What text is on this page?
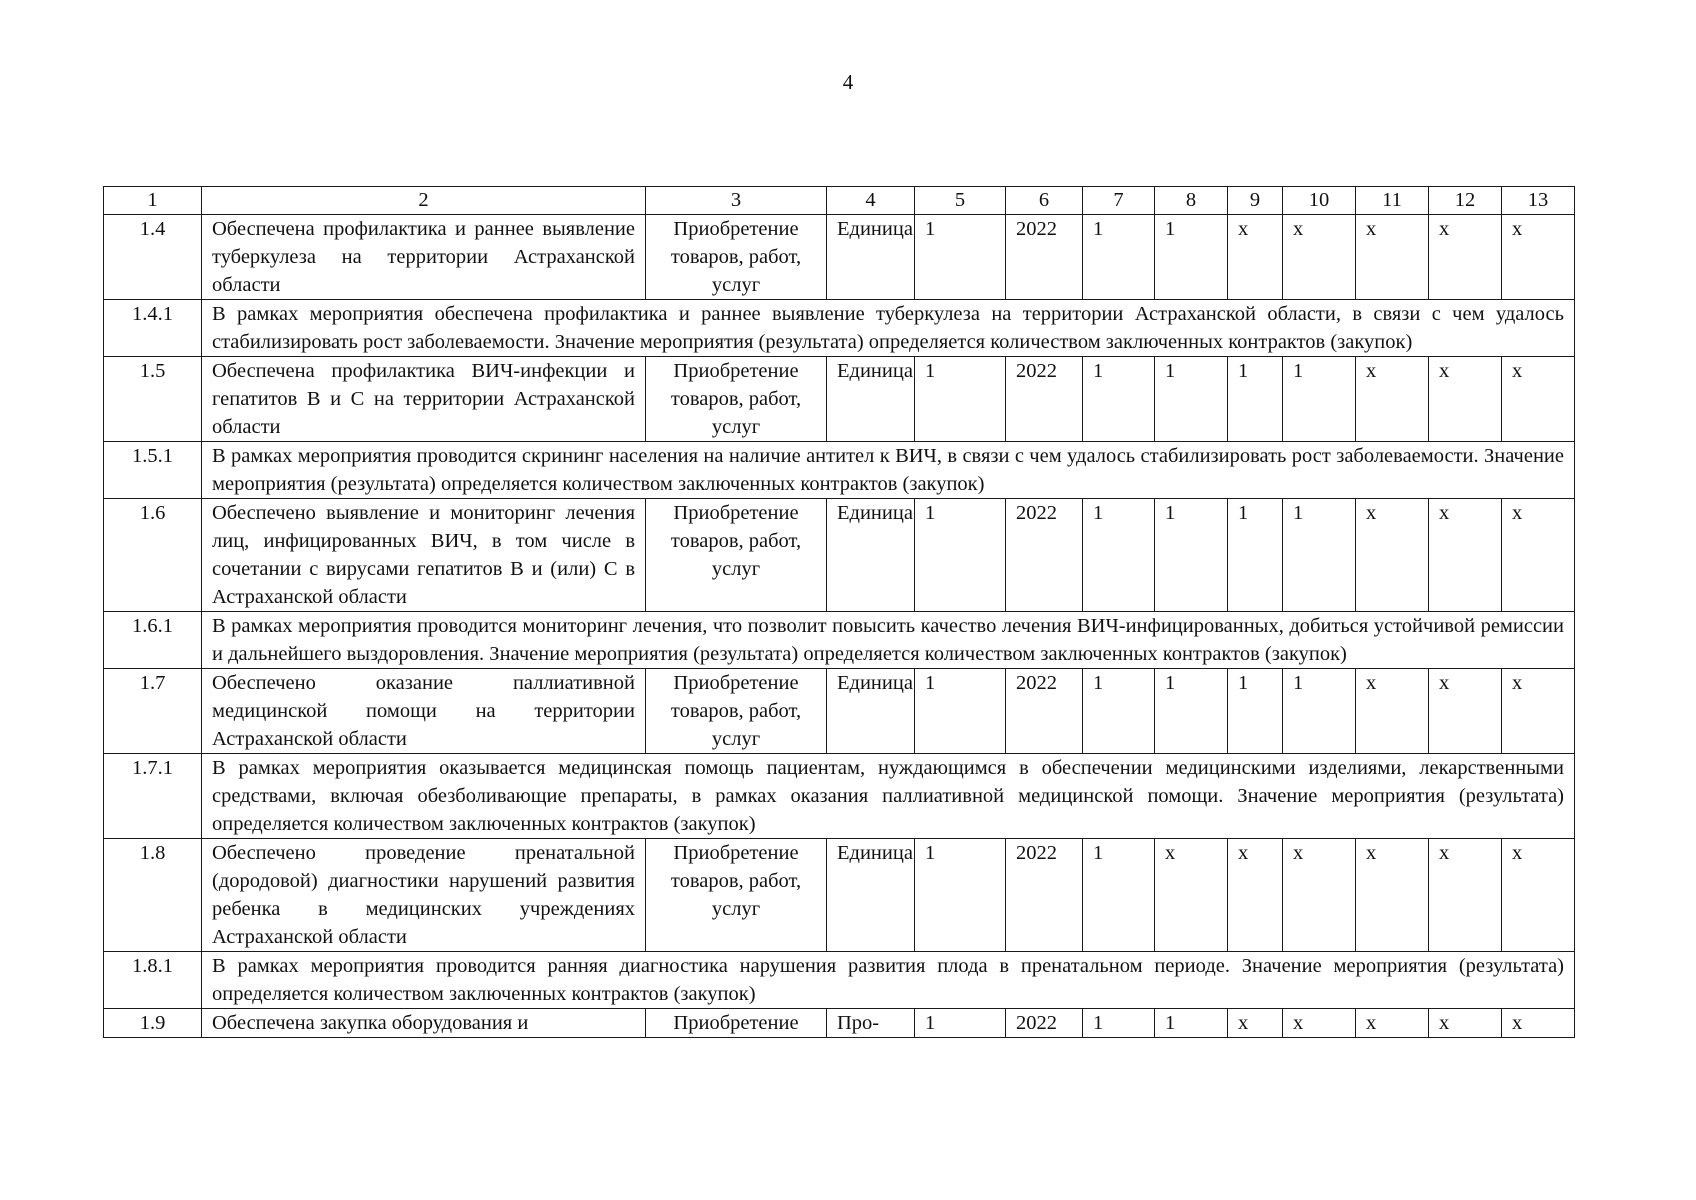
4
1	2	3	4	5	6	7	8	9	10	11	12	13
1.4	Обеспечена профилактика и раннее выявление туберкулеза на территории Астраханской области	Приобретение товаров, работ, услуг	Единица	1	2022	1	1	x	x	x	x	x
1.4.1	В рамках мероприятия обеспечена профилактика и раннее выявление туберкулеза на территории Астраханской области, в связи с чем удалось стабилизировать рост заболеваемости. Значение мероприятия (результата) определяется количеством заключенных контрактов (закупок)											
1.5	Обеспечена профилактика ВИЧ-инфекции и гепатитов В и С на территории Астраханской области	Приобретение товаров, работ, услуг	Единица	1	2022	1	1	1	1	x	x	x
1.5.1	В рамках мероприятия проводится скрининг населения на наличие антител к ВИЧ, в связи с чем удалось стабилизировать рост заболеваемости. Значение мероприятия (результата) определяется количеством заключенных контрактов (закупок)											
1.6	Обеспечено выявление и мониторинг лечения лиц, инфицированных ВИЧ, в том числе в сочетании с вирусами гепатитов В и (или) С в Астраханской области	Приобретение товаров, работ, услуг	Единица	1	2022	1	1	1	1	x	x	x
1.6.1	В рамках мероприятия проводится мониторинг лечения, что позволит повысить качество лечения ВИЧ-инфицированных, добиться устойчивой ремиссии и дальнейшего выздоровления. Значение мероприятия (результата) определяется количеством заключенных контрактов (закупок)											
1.7	Обеспечено оказание паллиативной медицинской помощи на территории Астраханской области	Приобретение товаров, работ, услуг	Единица	1	2022	1	1	1	1	x	x	x
1.7.1	В рамках мероприятия оказывается медицинская помощь пациентам, нуждающимся в обеспечении медицинскими изделиями, лекарственными средствами, включая обезболивающие препараты, в рамках оказания паллиативной медицинской помощи. Значение мероприятия (результата) определяется количеством заключенных контрактов (закупок)											
1.8	Обеспечено проведение пренатальной (дородовой) диагностики нарушений развития ребенка в медицинских учреждениях Астраханской области	Приобретение товаров, работ, услуг	Единица	1	2022	1	x	x	x	x	x	x
1.8.1	В рамках мероприятия проводится ранняя диагностика нарушения развития плода в пренатальном периоде. Значение мероприятия (результата) определяется количеством заключенных контрактов (закупок)											
1.9	Обеспечена закупка оборудования и	Приобретение	Про-	1	2022	1	1	x	x	x	x	x
